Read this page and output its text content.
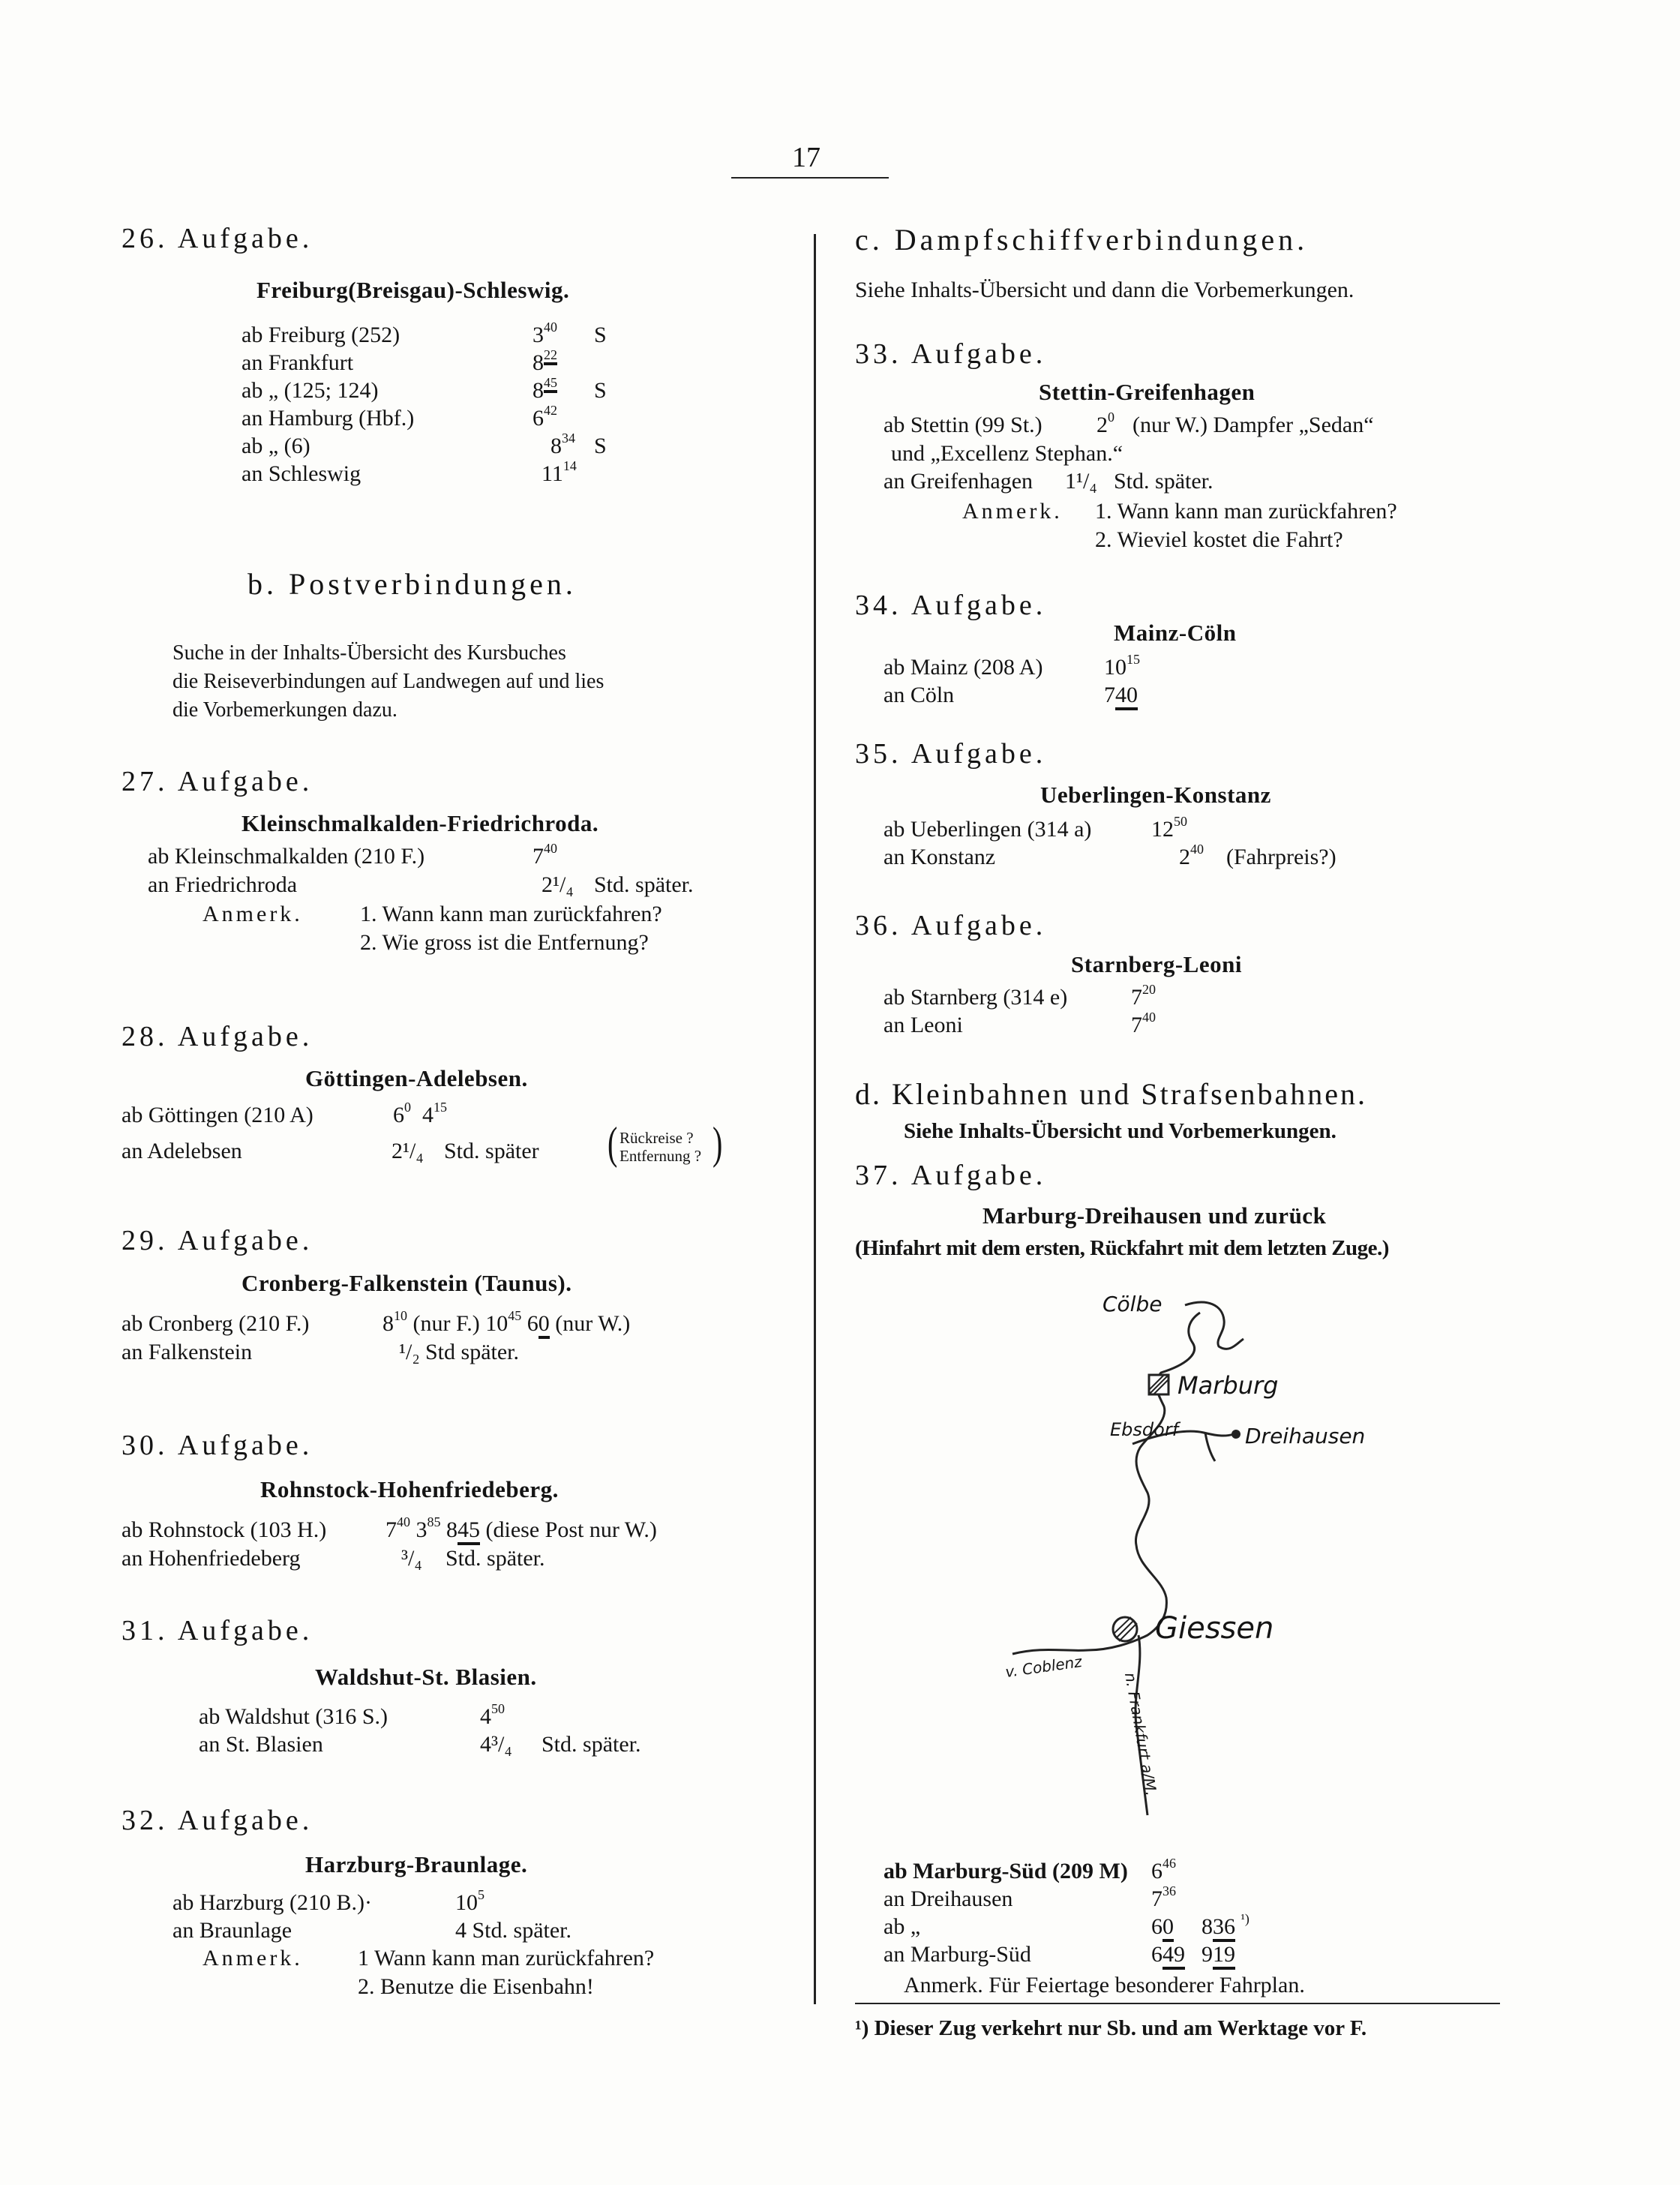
17
26. Aufgabe.
Freiburg(Breisgau)-Schleswig.
ab Freiburg (252)	$3^{40}$ S
an Frankfurt	$8^{22}$
ab „ (125; 124)	$8^{45}$ S
an Hamburg (Hbf.)	$6^{42}$
ab „ (6)	$8^{34}$ S
an Schleswig	$11^{14}$
b. Postverbindungen.
Suche in der Inhalts-Übersicht des Kursbuches
die Reiseverbindungen auf Landwegen auf und lies
die Vorbemerkungen dazu.
27. Aufgabe.
Kleinschmalkalden-Friedrichroda.
ab Kleinschmalkalden (210 F.)	$7^{40}$
an Friedrichroda	2¹/₄ Std. später.
Anmerk.	1. Wann kann man zurückfahren?
2. Wie gross ist die Entfernung?
28. Aufgabe.
Göttingen-Adelebsen.
ab Göttingen (210 A)	$6^0$ $4^{15}$
an Adelebsen	2¹/₄ Std. später ( Rückreise ?
Entfernung ? )
29. Aufgabe.
Cronberg-Falkenstein (Taunus).
ab Cronberg (210 F.)	$8^{10}$ (nur F.) $10^{45}$ 60 (nur W.)
an Falkenstein	¹/₂ Std später.
30. Aufgabe.
Rohnstock-Hohenfriedeberg.
ab Rohnstock (103 H.)	$7^{40}$ $3^{85}$ 845 (diese Post nur W.)
an Hohenfriedeberg	³/₄ Std. später.
31. Aufgabe.
Waldshut-St. Blasien.
ab Waldshut (316 S.)	$4^{50}$
an St. Blasien	4³/₄ Std. später.
32. Aufgabe.
Harzburg-Braunlage.
ab Harzburg (210 B.)·	$10^5$
an Braunlage	4 Std. später.
Anmerk. 1 Wann kann man zurückfahren?
2. Benutze die Eisenbahn!
c. Dampfschiffverbindungen.
Siehe Inhalts-Übersicht und dann die Vorbemerkungen.
33. Aufgabe.
Stettin-Greifenhagen
ab Stettin (99 St.) $2^0$ (nur W.) Dampfer „Sedan“
und „Excellenz Stephan.“
an Greifenhagen 1¹/₄ Std. später.
Anmerk. 1. Wann kann man zurückfahren?
2. Wieviel kostet die Fahrt?
34. Aufgabe.
Mainz-Cöln
ab Mainz (208 A)	$10^{15}$
an Cöln	740
35. Aufgabe.
Ueberlingen-Konstanz
ab Ueberlingen (314 a)	$12^{50}$
an Konstanz	$2^{40}$ (Fahrpreis?)
36. Aufgabe.
Starnberg-Leoni
ab Starnberg (314 e)	$7^{20}$
an Leoni	$7^{40}$
d. Kleinbahnen und Strafsenbahnen.
Siehe Inhalts-Übersicht und Vorbemerkungen.
37. Aufgabe.
Marburg-Dreihausen und zurück
(Hinfahrt mit dem ersten, Rückfahrt mit dem letzten Zuge.)
ab Marburg-Süd (209 M) $6^{46}$
an Dreihausen	$7^{36}$
ab „	60 836 $^{^1)}$
an Marburg-Süd	649 919
Anmerk. Für Feiertage besonderer Fahrplan.
¹) Dieser Zug verkehrt nur Sb. und am Werktage vor F.
Cölbe
Marburg
Ebsdorf	Dreihausen
Giessen
v. Coblenz
n. Frankfurt a/M.
